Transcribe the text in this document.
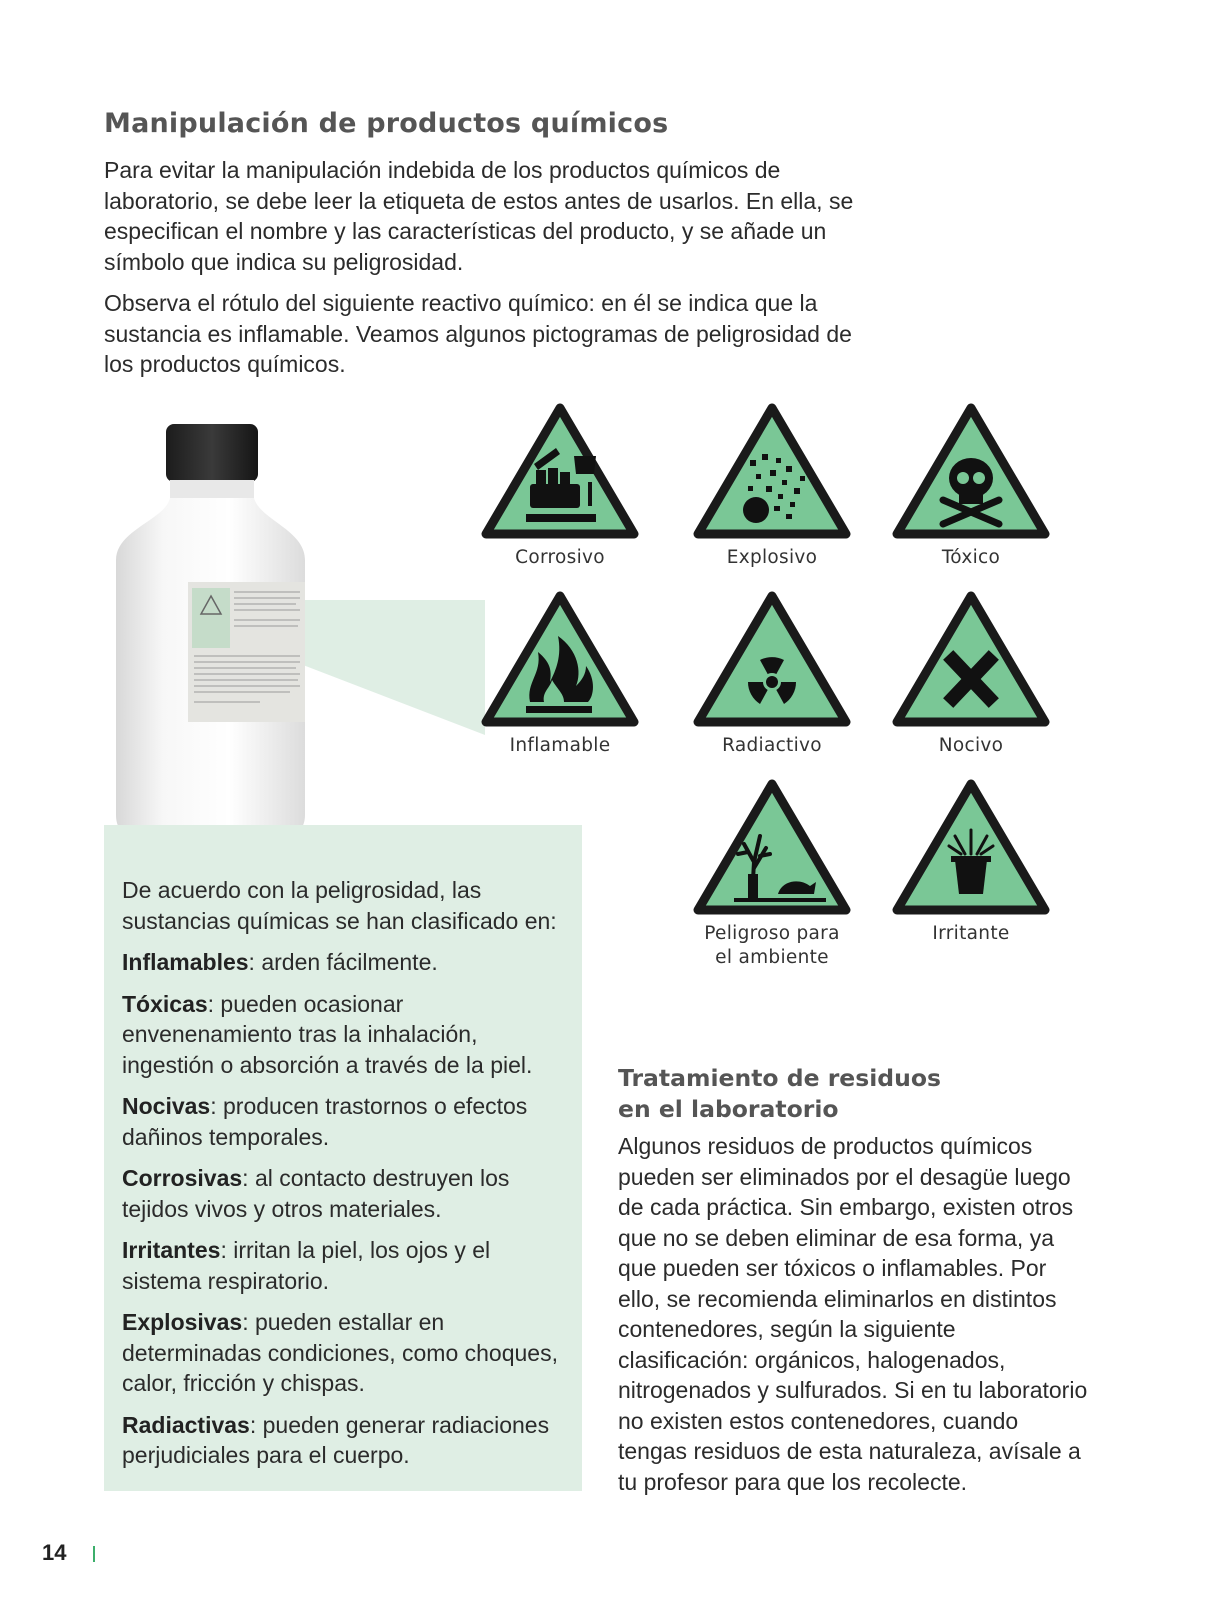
Manipulación de productos químicos

Para evitar la manipulación indebida de los productos químicos de laboratorio, se debe leer la etiqueta de estos antes de usarlos. En ella, se especifican el nombre y las características del producto, y se añade un símbolo que indica su peligrosidad.

Observa el rótulo del siguiente reactivo químico: en él se indica que la sustancia es inflamable. Veamos algunos pictogramas de peligrosidad de los productos químicos.

Corrosivo	Explosivo	Tóxico
Inflamable	Radiactivo	Nocivo
Peligroso para
el ambiente
Irritante

De acuerdo con la peligrosidad, las sustancias químicas se han clasificado en:

Inflamables: arden fácilmente.

Tóxicas: pueden ocasionar envenenamiento tras la inhalación, ingestión o absorción a través de la piel.

Nocivas: producen trastornos o efectos dañinos temporales.

Corrosivas: al contacto destruyen los tejidos vivos y otros materiales.

Irritantes: irritan la piel, los ojos y el sistema respiratorio.

Explosivas: pueden estallar en determinadas condiciones, como choques, calor, fricción y chispas.

Radiactivas: pueden generar radiaciones perjudiciales para el cuerpo.

Tratamiento de residuos
en el laboratorio

Algunos residuos de productos químicos pueden ser eliminados por el desagüe luego de cada práctica. Sin embargo, existen otros que no se deben eliminar de esa forma, ya que pueden ser tóxicos o inflamables. Por ello, se recomienda eliminarlos en distintos contenedores, según la siguiente clasificación: orgánicos, halogenados, nitrogenados y sulfurados. Si en tu laboratorio no existen estos contenedores, cuando tengas residuos de esta naturaleza, avísale a tu profesor para que los recolecte.

14
